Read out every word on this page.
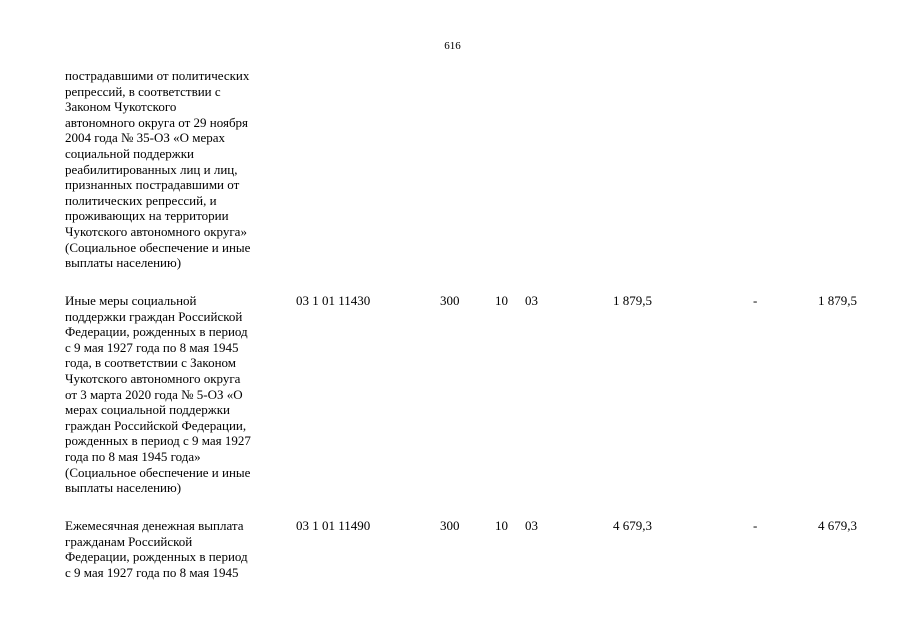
616
пострадавшими от политических
репрессий, в соответствии с
Законом Чукотского
автономного округа от 29 ноября
2004 года № 35-ОЗ «О мерах
социальной поддержки
реабилитированных лиц и лиц,
признанных пострадавшими от
политических репрессий, и
проживающих на территории
Чукотского автономного округа»
(Социальное обеспечение и иные
выплаты населению)
Иные меры социальной
поддержки граждан Российской
Федерации, рожденных в период
с 9 мая 1927 года по 8 мая 1945
года, в соответствии с Законом
Чукотского автономного округа
от 3 марта 2020 года № 5-ОЗ «О
мерах социальной поддержки
граждан Российской Федерации,
рожденных в период с 9 мая 1927
года по 8 мая 1945 года»
(Социальное обеспечение и иные
выплаты населению)
03 1 01 11430	300	10 03	1 879,5	-	1 879,5
Ежемесячная денежная выплата
гражданам Российской
Федерации, рожденных в период
с 9 мая 1927 года по 8 мая 1945
03 1 01 11490	300	10 03	4 679,3	-	4 679,3
